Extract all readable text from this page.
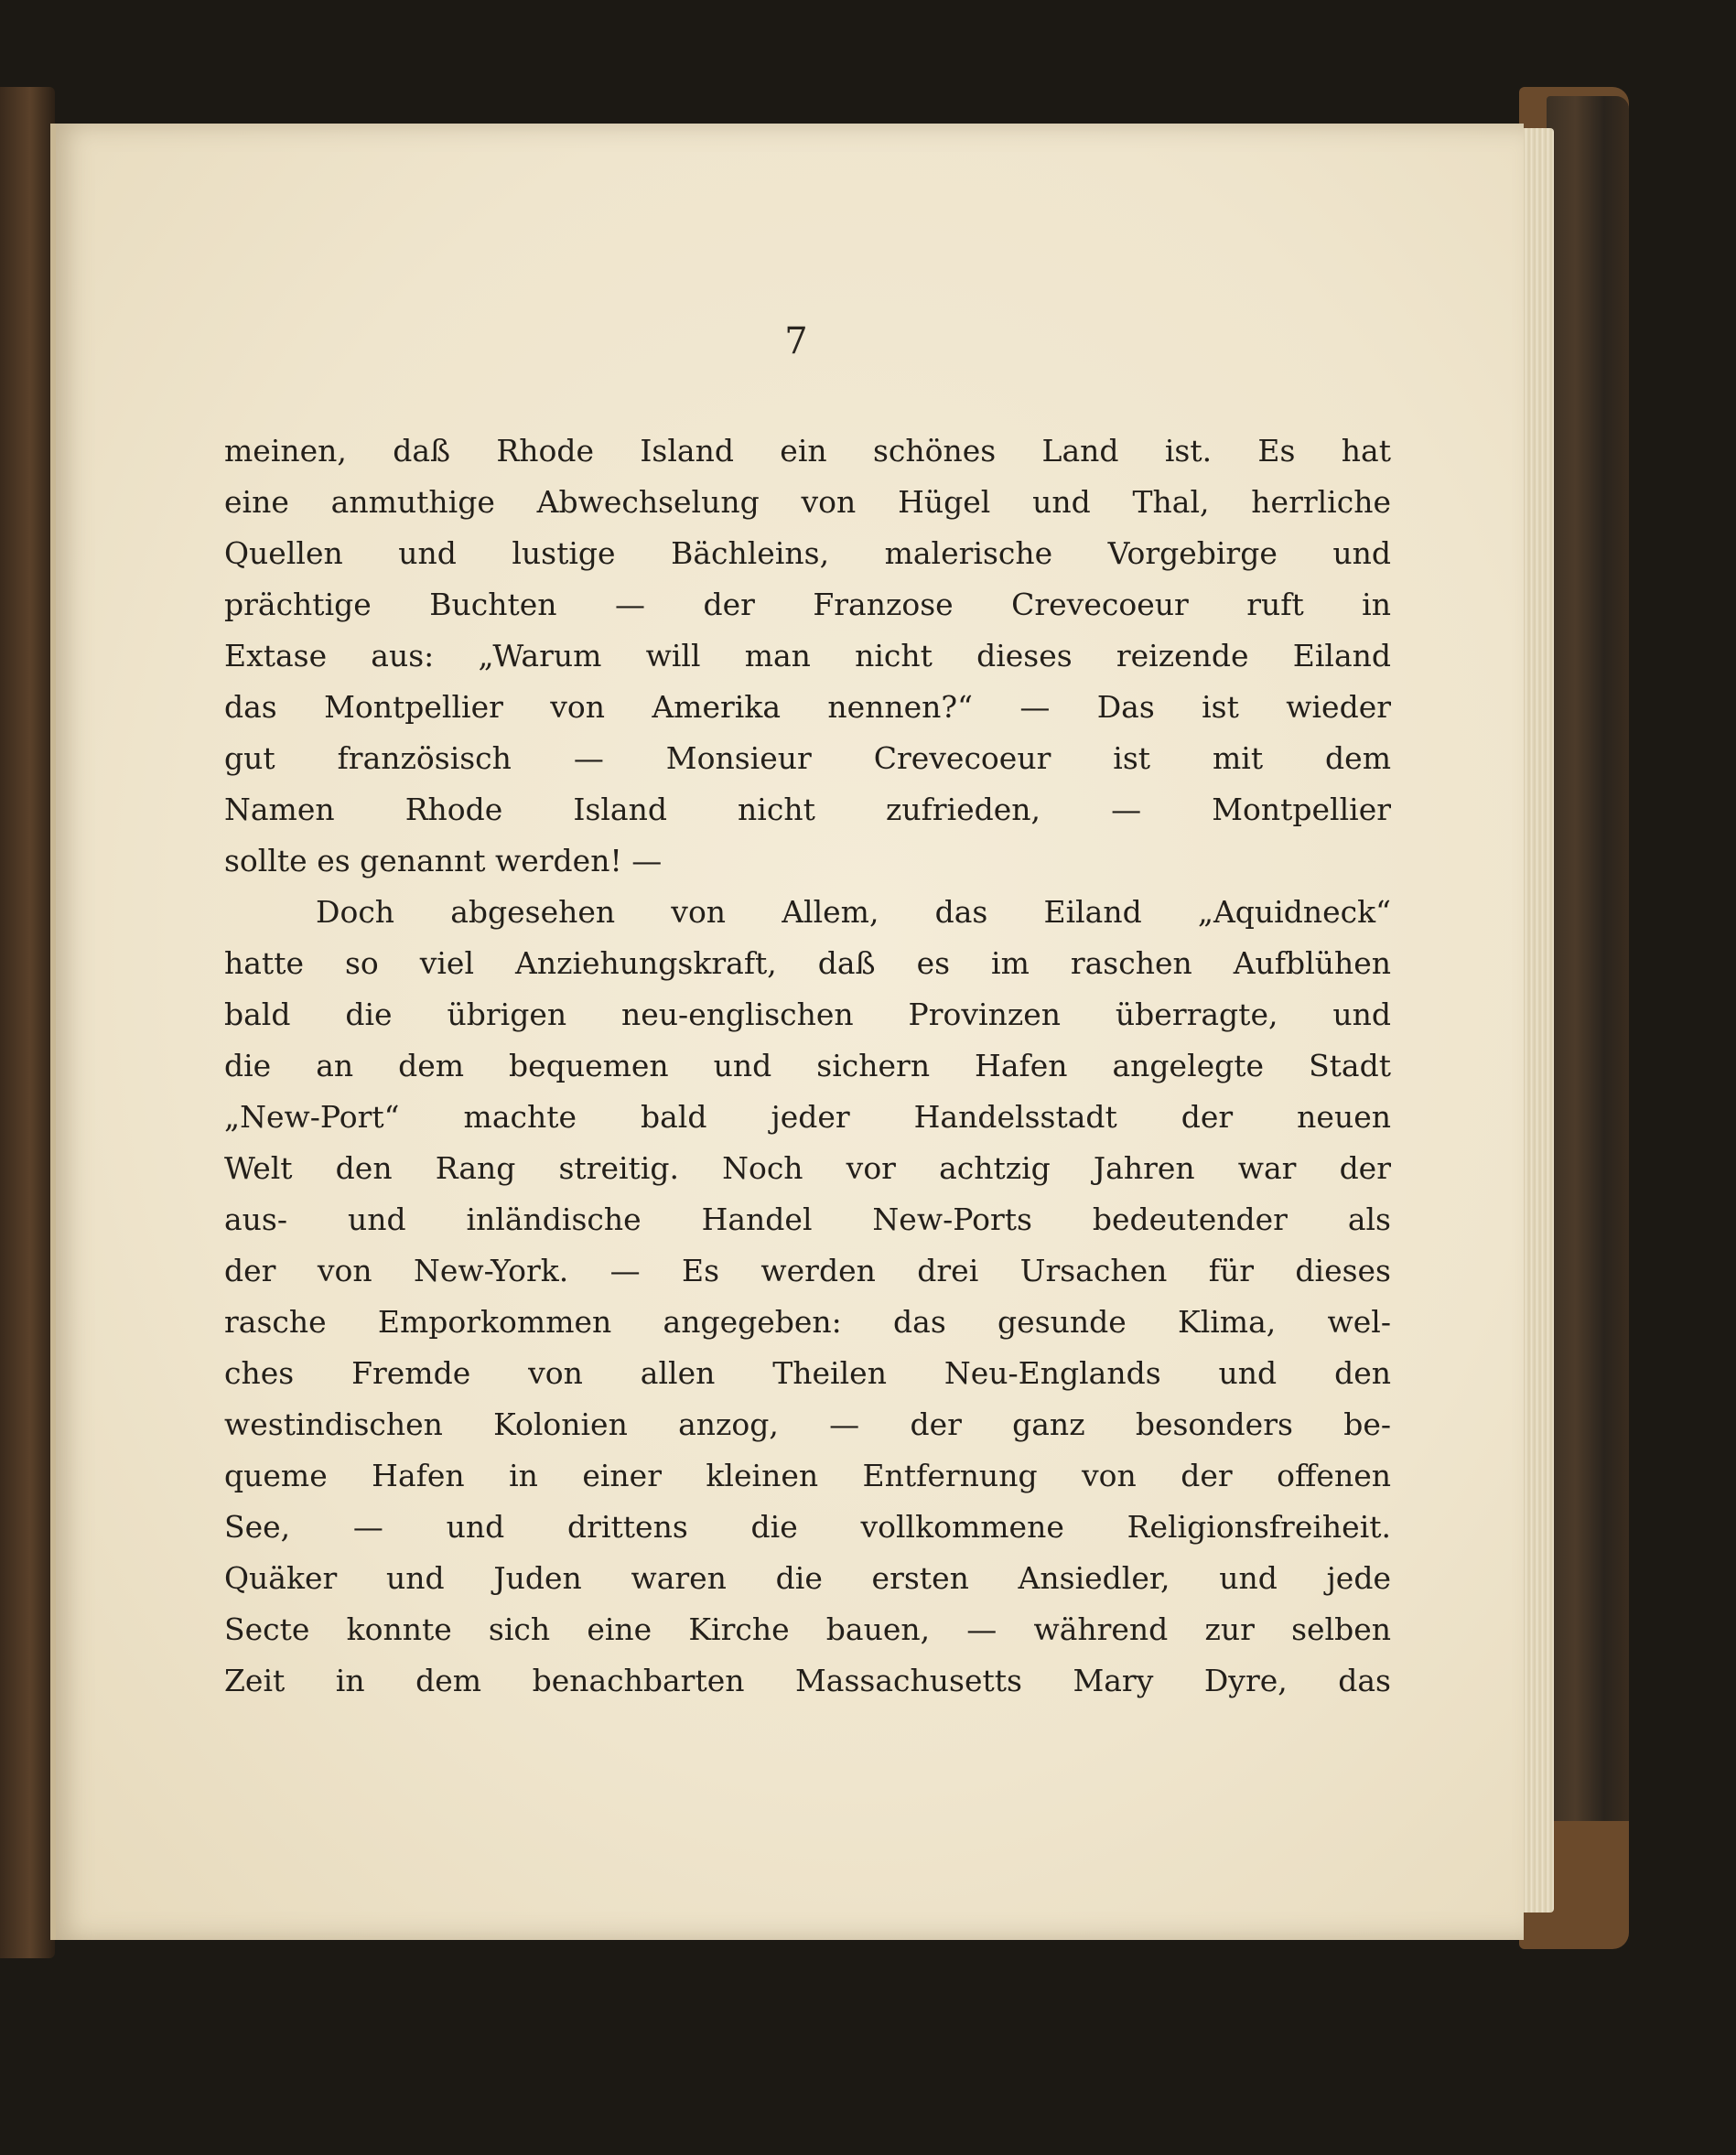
7
meinen, daß Rhode Island ein schönes Land ist. Es hat
eine anmuthige Abwechselung von Hügel und Thal, herrliche
Quellen und lustige Bächleins, malerische Vorgebirge und
prächtige Buchten — der Franzose Crevecoeur ruft in
Extase aus: „Warum will man nicht dieses reizende Eiland
das Montpellier von Amerika nennen?“ — Das ist wieder
gut französisch — Monsieur Crevecoeur ist mit dem
Namen Rhode Island nicht zufrieden, — Montpellier
sollte es genannt werden! —
Doch abgesehen von Allem, das Eiland „Aquidneck“
hatte so viel Anziehungskraft, daß es im raschen Aufblühen
bald die übrigen neu-englischen Provinzen überragte, und
die an dem bequemen und sichern Hafen angelegte Stadt
„New-Port“ machte bald jeder Handelsstadt der neuen
Welt den Rang streitig. Noch vor achtzig Jahren war der
aus- und inländische Handel New-Ports bedeutender als
der von New-York. — Es werden drei Ursachen für dieses
rasche Emporkommen angegeben: das gesunde Klima, wel-
ches Fremde von allen Theilen Neu-Englands und den
westindischen Kolonien anzog, — der ganz besonders be-
queme Hafen in einer kleinen Entfernung von der offenen
See, — und drittens die vollkommene Religionsfreiheit.
Quäker und Juden waren die ersten Ansiedler, und jede
Secte konnte sich eine Kirche bauen, — während zur selben
Zeit in dem benachbarten Massachusetts Mary Dyre, das
